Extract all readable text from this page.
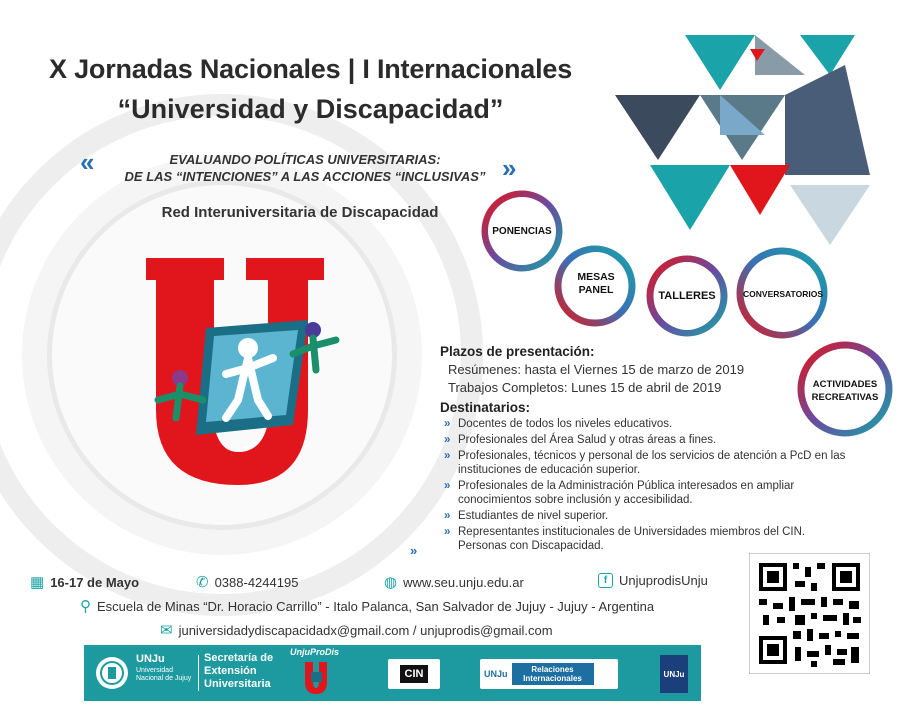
X Jornadas Nacionales | I Internacionales
“Universidad y Discapacidad”
«	EVALUANDO POLÍTICAS UNIVERSITARIAS:
DE LAS “INTENCIONES” A LAS ACCIONES “INCLUSIVAS” »
Red Interuniversitaria de Discapacidad
PONENCIAS
MESAS PANEL	TALLERES	CONVERSATORIOS
ACTIVIDADES RECREATIVAS
Plazos de presentación:
Resúmenes: hasta el Viernes 15 de marzo de 2019
Trabajos Completos: Lunes 15 de abril de 2019
Destinatarios:
» Docentes de todos los niveles educativos.
» Profesionales del Área Salud y otras áreas a fines.
» Profesionales, técnicos y personal de los servicios de atención a PcD en las instituciones de educación superior.
» Profesionales de la Administración Pública interesados en ampliar conocimientos sobre inclusión y accesibilidad.
» Estudiantes de nivel superior.
» Representantes institucionales de Universidades miembros del CIN. Personas con Discapacidad.
»
▦ 16-17 de Mayo	✆ 0388-4244195	◍ www.seu.unju.edu.ar	f UnjuprodisUnju
⚲ Escuela de Minas “Dr. Horacio Carrillo” - Italo Palanca, San Salvador de Jujuy - Jujuy - Argentina
✉ juniversidadydiscapacidadx@gmail.com / unjuprodis@gmail.com
UNJu
Universidad Nacional de Jujuy
Secretaría de Extensión Universitaria
UnjuProDis
CIN	UNJu	Relaciones Internacionales	UNJu
